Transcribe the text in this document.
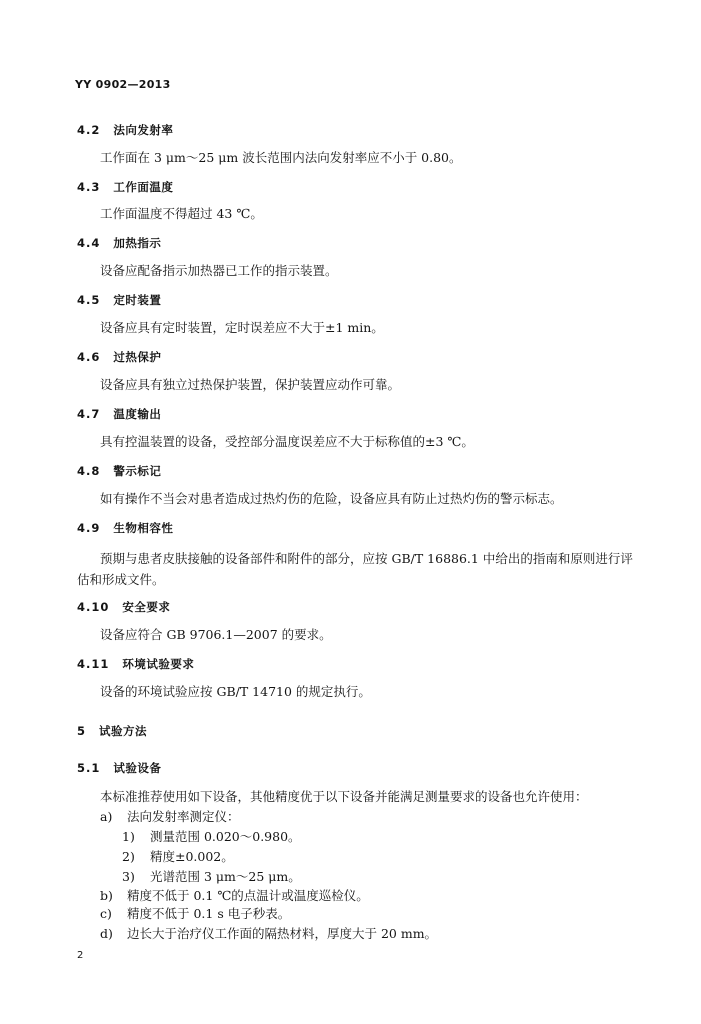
YY 0902—2013
4.2 法向发射率
工作面在 3 μm～25 μm 波长范围内法向发射率应不小于 0.80。
4.3 工作面温度
工作面温度不得超过 43 ℃。
4.4 加热指示
设备应配备指示加热器已工作的指示装置。
4.5 定时装置
设备应具有定时装置，定时误差应不大于±1 min。
4.6 过热保护
设备应具有独立过热保护装置，保护装置应动作可靠。
4.7 温度输出
具有控温装置的设备，受控部分温度误差应不大于标称值的±3 ℃。
4.8 警示标记
如有操作不当会对患者造成过热灼伤的危险，设备应具有防止过热灼伤的警示标志。
4.9 生物相容性
预期与患者皮肤接触的设备部件和附件的部分，应按 GB/T 16886.1 中给出的指南和原则进行评
估和形成文件。
4.10 安全要求
设备应符合 GB 9706.1—2007 的要求。
4.11 环境试验要求
设备的环境试验应按 GB/T 14710 的规定执行。
5 试验方法
5.1 试验设备
本标准推荐使用如下设备，其他精度优于以下设备并能满足测量要求的设备也允许使用：
a) 法向发射率测定仪：
1) 测量范围 0.020～0.980。
2) 精度±0.002。
3) 光谱范围 3 μm～25 μm。
b) 精度不低于 0.1 ℃的点温计或温度巡检仪。
c) 精度不低于 0.1 s 电子秒表。
d) 边长大于治疗仪工作面的隔热材料，厚度大于 20 mm。
2
